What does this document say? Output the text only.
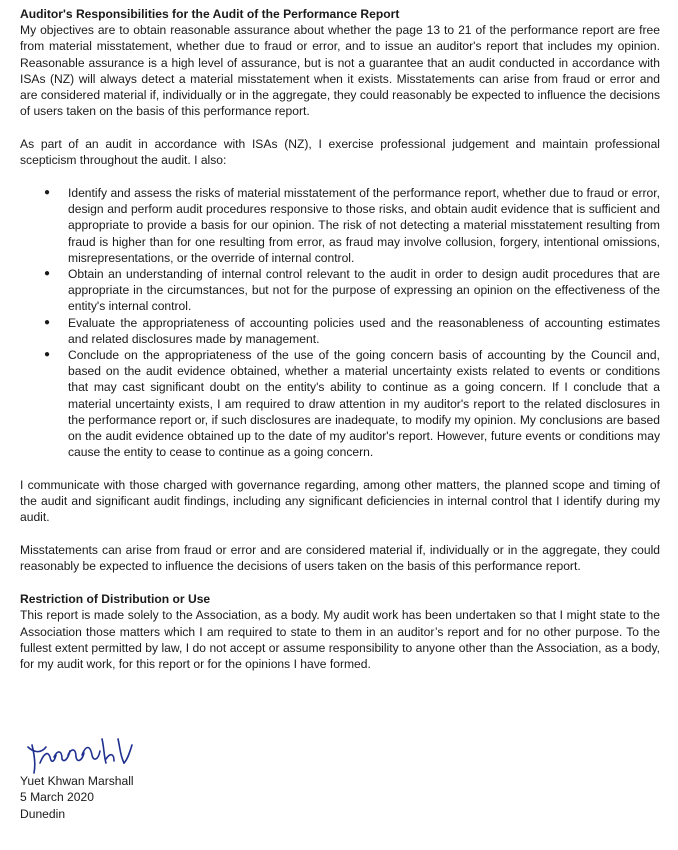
Auditor's Responsibilities for the Audit of the Performance Report

My objectives are to obtain reasonable assurance about whether the page 13 to 21 of the performance report are free from material misstatement, whether due to fraud or error, and to issue an auditor's report that includes my opinion. Reasonable assurance is a high level of assurance, but is not a guarantee that an audit conducted in accordance with ISAs (NZ) will always detect a material misstatement when it exists. Misstatements can arise from fraud or error and are considered material if, individually or in the aggregate, they could reasonably be expected to influence the decisions of users taken on the basis of this performance report.

As part of an audit in accordance with ISAs (NZ), I exercise professional judgement and maintain professional scepticism throughout the audit. I also:

● Identify and assess the risks of material misstatement of the performance report, whether due to fraud or error, design and perform audit procedures responsive to those risks, and obtain audit evidence that is sufficient and appropriate to provide a basis for our opinion. The risk of not detecting a material misstatement resulting from fraud is higher than for one resulting from error, as fraud may involve collusion, forgery, intentional omissions, misrepresentations, or the override of internal control.
● Obtain an understanding of internal control relevant to the audit in order to design audit procedures that are appropriate in the circumstances, but not for the purpose of expressing an opinion on the effectiveness of the entity's internal control.
● Evaluate the appropriateness of accounting policies used and the reasonableness of accounting estimates and related disclosures made by management.
● Conclude on the appropriateness of the use of the going concern basis of accounting by the Council and, based on the audit evidence obtained, whether a material uncertainty exists related to events or conditions that may cast significant doubt on the entity's ability to continue as a going concern. If I conclude that a material uncertainty exists, I am required to draw attention in my auditor's report to the related disclosures in the performance report or, if such disclosures are inadequate, to modify my opinion. My conclusions are based on the audit evidence obtained up to the date of my auditor's report. However, future events or conditions may cause the entity to cease to continue as a going concern.

I communicate with those charged with governance regarding, among other matters, the planned scope and timing of the audit and significant audit findings, including any significant deficiencies in internal control that I identify during my audit.

Misstatements can arise from fraud or error and are considered material if, individually or in the aggregate, they could reasonably be expected to influence the decisions of users taken on the basis of this performance report.

Restriction of Distribution or Use

This report is made solely to the Association, as a body. My audit work has been undertaken so that I might state to the Association those matters which I am required to state to them in an auditor’s report and for no other purpose. To the fullest extent permitted by law, I do not accept or assume responsibility to anyone other than the Association, as a body, for my audit work, for this report or for the opinions I have formed.

Yuet Khwan Marshall
5 March 2020
Dunedin
